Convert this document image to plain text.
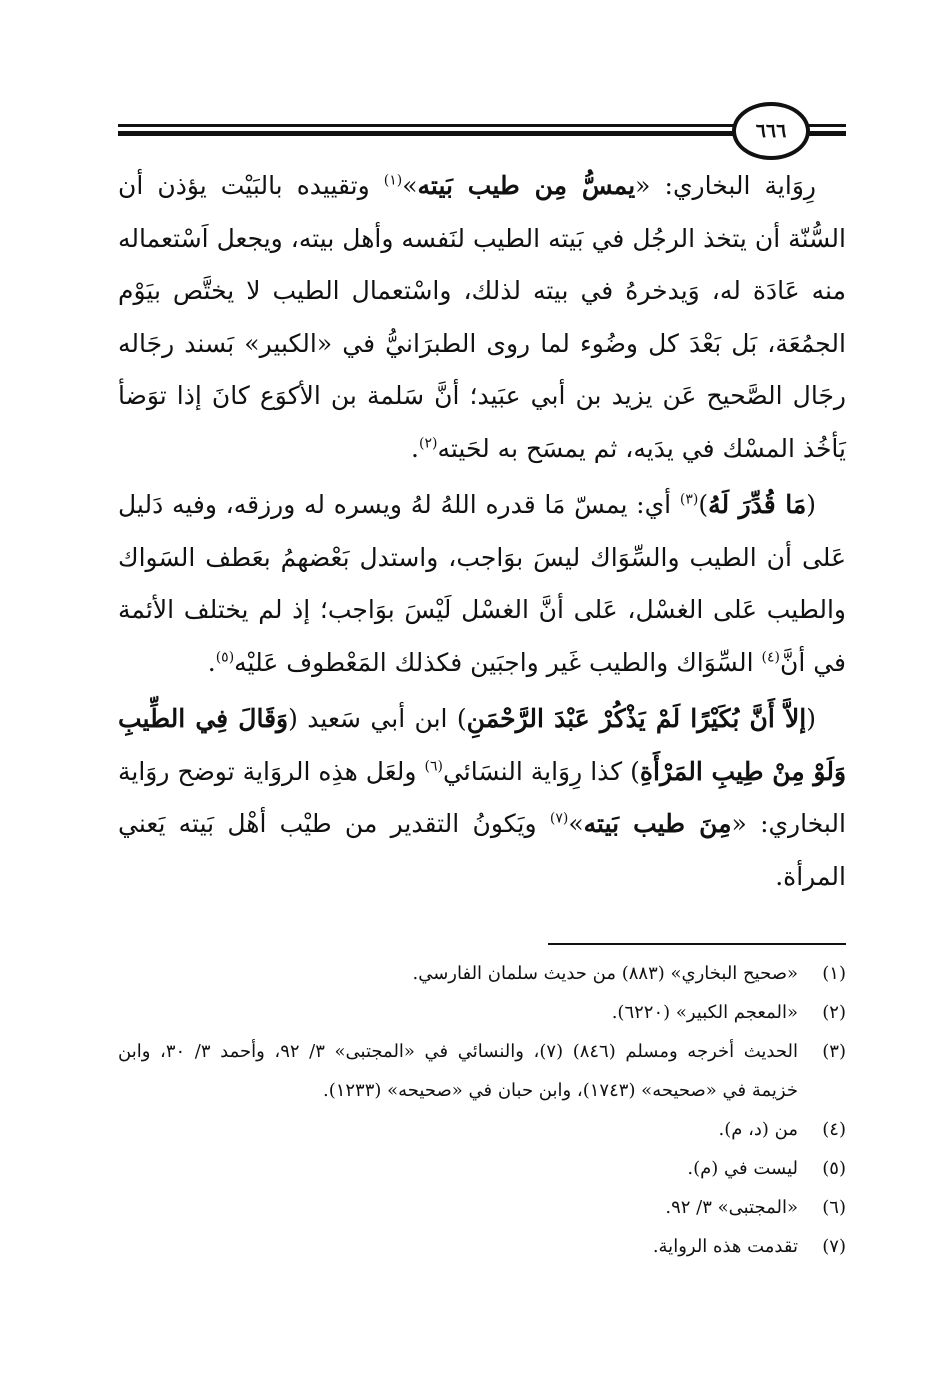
٦٦٦

رِوَاية البخاري: «يمسُّ مِن طيب بَيته»$^{(١)}$ وتقييده بالبَيْت يؤذن أن السُّنّة أن يتخذ الرجُل في بَيته الطيب لنَفسه وأهل بيته، ويجعل اَسْتعماله منه عَادَة له، وَيدخرهُ في بيته لذلك، واسْتعمال الطيب لا يختَّص بيَوْم الجمُعَة، بَل بَعْدَ كل وضُوء لما روى الطبرَانيُّ في «الكبير» بَسند رجَاله رجَال الصَّحيح عَن يزيد بن أبي عبَيد؛ أنَّ سَلمة بن الأكوَع كانَ إذا توَضأ يَأخُذ المسْك في يدَيه، ثم يمسَح به لحَيته$^{(٢)}$.

(مَا قُدِّرَ لَهُ)$^{(٣)}$ أي: يمسّ مَا قدره اللهُ لهُ ويسره له ورزقه، وفيه دَليل عَلى أن الطيب والسِّوَاك ليسَ بوَاجب، واستدل بَعْضهمُ بعَطف السَواك والطيب عَلى الغسْل، عَلى أنَّ الغسْل لَيْسَ بوَاجب؛ إذ لم يختلف الأئمة في أنَّ$^{(٤)}$ السِّوَاك والطيب غَير واجبَين فكذلك المَعْطوف عَليْه$^{(٥)}$.

(إلاَّ أَنَّ بُكَيْرًا لَمْ يَذْكُرْ عَبْدَ الرَّحْمَنِ) ابن أبي سَعيد (وَقَالَ فِي الطِّيبِ وَلَوْ مِنْ طِيبِ المَرْأَةِ) كذا رِوَاية النسَائي$^{(٦)}$ ولعَل هذِه الروَاية توضح روَاية البخاري: «مِنَ طيب بَيته»$^{(٧)}$ ويَكونُ التقدير من طيْب أهْل بَيته يَعني المرأة.

(١)
«صحيح البخاري» (٨٨٣) من حديث سلمان الفارسي.
(٢)
«المعجم الكبير» (٦٢٢٠).
(٣)
الحديث أخرجه ومسلم (٨٤٦) (٧)، والنسائي في «المجتبى» ٣/ ٩٢، وأحمد ٣/ ٣٠، وابن خزيمة في «صحيحه» (١٧٤٣)، وابن حبان في «صحيحه» (١٢٣٣).
(٤)
من (د، م).
(٥)
ليست في (م).
(٦)
«المجتبى» ٣/ ٩٢.
(٧)
تقدمت هذه الرواية.
